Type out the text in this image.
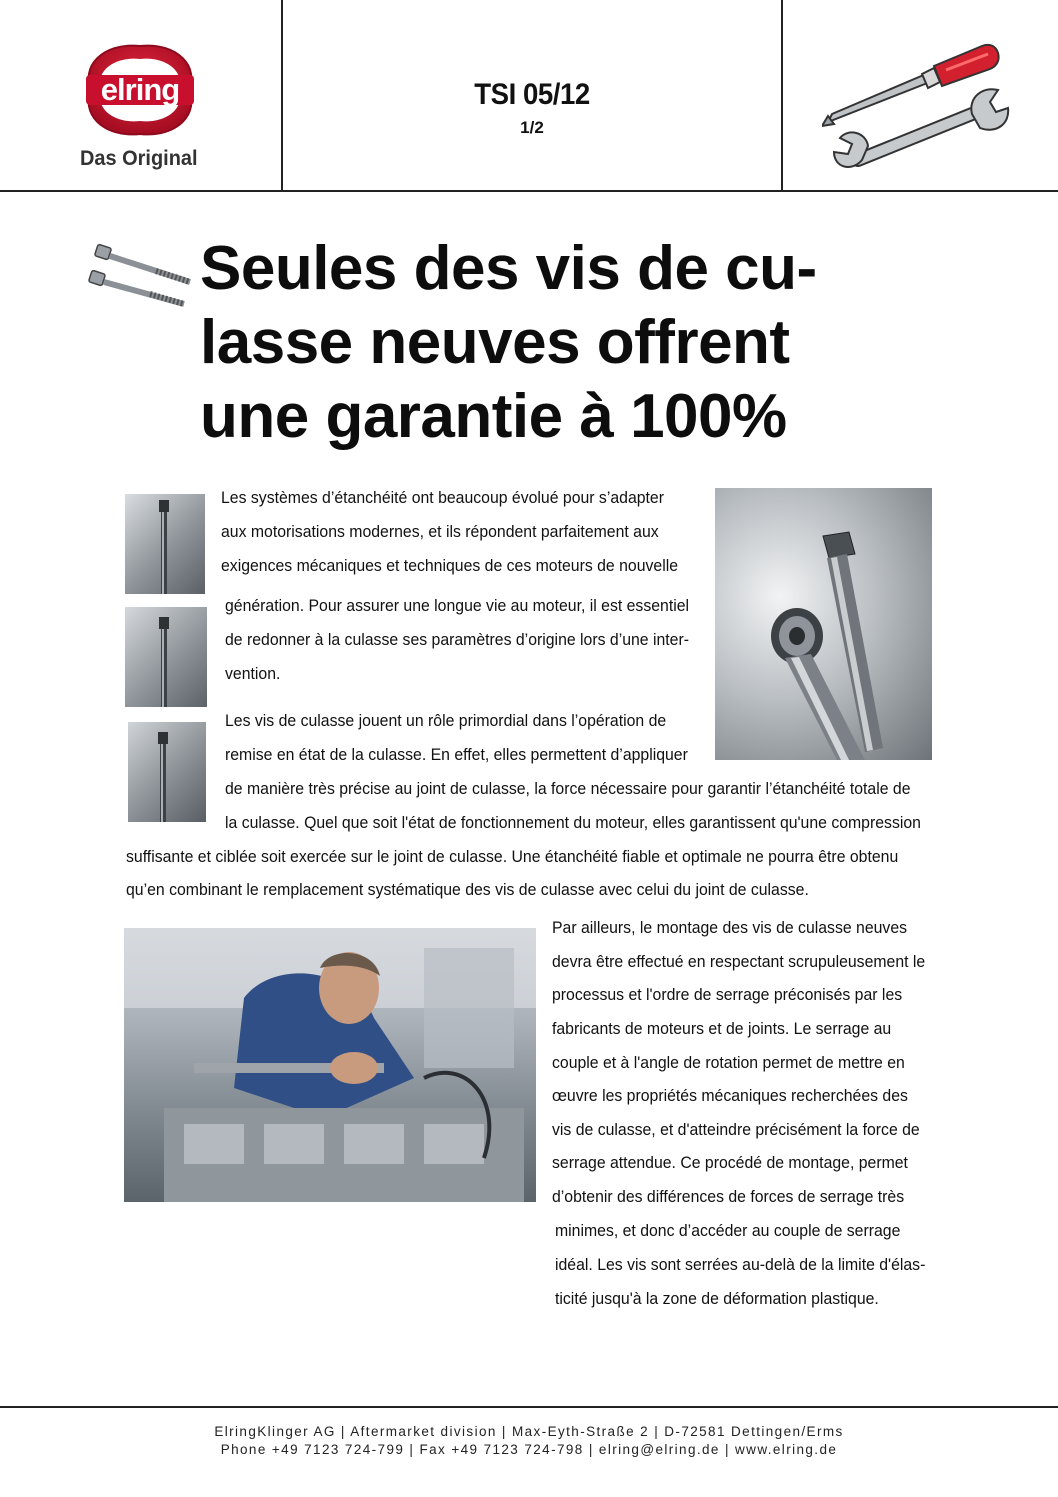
elring
Das Original
TSI 05/12
1/2
Seules des vis de cu-
lasse neuves offrent
une garantie à 100%
Les systèmes d’étanchéité ont beaucoup évolué pour s’adapter
aux motorisations modernes, et ils répondent parfaitement aux
exigences mécaniques et techniques de ces moteurs de nouvelle
génération. Pour assurer une longue vie au moteur, il est essentiel
de redonner à la culasse ses paramètres d’origine lors d’une inter-
vention.
Les vis de culasse jouent un rôle primordial dans l’opération de
remise en état de la culasse. En effet, elles permettent d’appliquer
de manière très précise au joint de culasse, la force nécessaire pour garantir l’étanchéité totale de
la culasse. Quel que soit l'état de fonctionnement du moteur, elles garantissent qu'une compression
suffisante et ciblée soit exercée sur le joint de culasse. Une étanchéité fiable et optimale ne pourra être obtenu
qu’en combinant le remplacement systématique des vis de culasse avec celui du joint de culasse.
Par ailleurs, le montage des vis de culasse neuves
devra être effectué en respectant scrupuleusement le
processus et l'ordre de serrage préconisés par les
fabricants de moteurs et de joints. Le serrage au
couple et à l'angle de rotation permet de mettre en
œuvre les propriétés mécaniques recherchées des
vis de culasse, et d'atteindre précisément la force de
serrage attendue. Ce procédé de montage, permet
d’obtenir des différences de forces de serrage très
minimes, et donc d’accéder au couple de serrage
idéal. Les vis sont serrées au-delà de la limite d'élas-
ticité jusqu'à la zone de déformation plastique.
ElringKlinger AG | Aftermarket division | Max-Eyth-Straße 2 | D-72581 Dettingen/Erms
Phone +49 7123 724-799 | Fax +49 7123 724-798 | elring@elring.de | www.elring.de
